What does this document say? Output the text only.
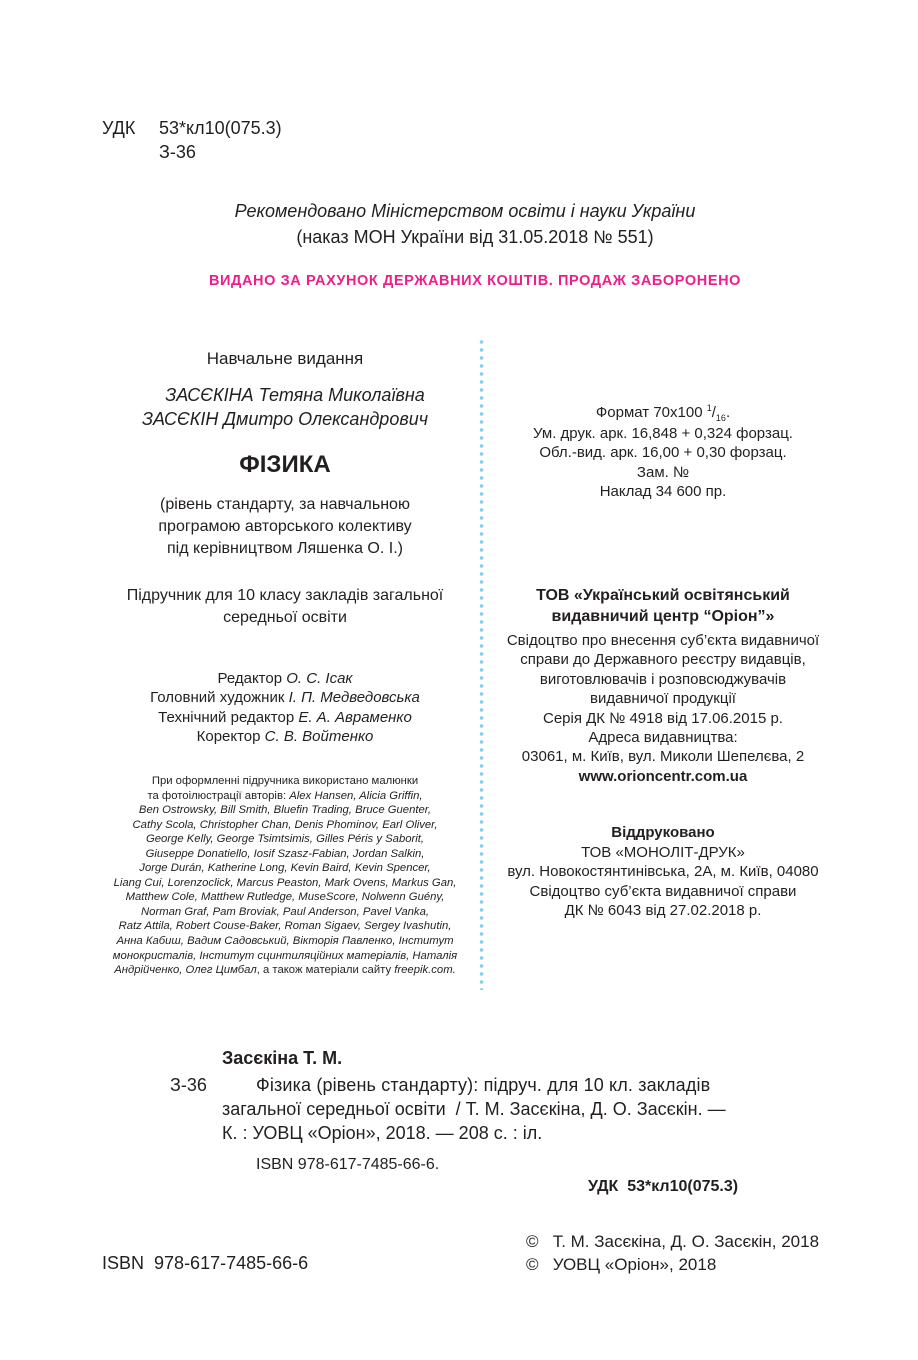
УДК 53*кл10(075.3)
З-36
Рекомендовано Міністерством освіти і науки України
(наказ МОН України від 31.05.2018 № 551)
ВИДАНО ЗА РАХУНОК ДЕРЖАВНИХ КОШТІВ. ПРОДАЖ ЗАБОРОНЕНО
Навчальне видання
ЗАСЄКІНА Тетяна Миколаївна
ЗАСЄКІН Дмитро Олександрович
ФІЗИКА
(рівень стандарту, за навчальною
програмою авторського колективу
під керівництвом Ляшенка О. І.)
Підручник для 10 класу закладів загальної
середньої освіти
Редактор О. С. Ісак
Головний художник І. П. Медведовська
Технічний редактор Е. А. Авраменко
Коректор С. В. Войтенко
При оформленні підручника використано малюнки
та фотоілюстрації авторів: Alex Hansen, Alicia Griffin,
Ben Ostrowsky, Bill Smith, Bluefin Trading, Bruce Guenter,
Cathy Scola, Christopher Chan, Denis Phominov, Earl Oliver,
George Kelly, George Tsimtsimis, Gilles Péris y Saborit,
Giuseppe Donatiello, Iosif Szasz-Fabian, Jordan Salkin,
Jorge Durán, Katherine Long, Kevin Baird, Kevin Spencer,
Liang Cui, Lorenzoclick, Marcus Peaston, Mark Ovens, Markus Gan,
Matthew Cole, Matthew Rutledge, MuseScore, Nolwenn Guény,
Norman Graf, Pam Broviak, Paul Anderson, Pavel Vanka,
Ratz Attila, Robert Couse-Baker, Roman Sigaev, Sergey Ivashutin,
Анна Кабиш, Вадим Садовський, Вікторія Павленко, Інститут
монокристалів, Інститут сцинтиляційних матеріалів, Наталія
Андрійченко, Олег Цимбал, а також матеріали сайту freepik.com.
Формат 70х100 $^1/_{16}$.
Ум. друк. арк. 16,848 + 0,324 форзац.
Обл.-вид. арк. 16,00 + 0,30 форзац.
Зам. №
Наклад 34 600 пр.
ТОВ «Український освітянський
видавничий центр “Оріон”»
Свідоцтво про внесення суб’єкта видавничої
справи до Державного реєстру видавців,
виготовлювачів і розповсюджувачів
видавничої продукції
Серія ДК № 4918 від 17.06.2015 р.
Адреса видавництва:
03061, м. Київ, вул. Миколи Шепелєва, 2
www.orioncentr.com.ua
Віддруковано
ТОВ «МОНОЛІТ-ДРУК»
вул. Новокостянтинівська, 2А, м. Київ, 04080
Свідоцтво суб’єкта видавничої справи
ДК № 6043 від 27.02.2018 р.
Засєкіна Т. М.
З-36	Фізика (рівень стандарту): підруч. для 10 кл. закладів
загальної середньої освіти  / Т. М. Засєкіна, Д. О. Засєкін. —
К. : УОВЦ «Оріон», 2018. — 208 с. : іл.
ISBN 978-617-7485-66-6.
УДК  53*кл10(075.3)
ISBN 978-617-7485-66-6
© Т. М. Засєкіна, Д. О. Засєкін, 2018
© УОВЦ «Оріон», 2018
